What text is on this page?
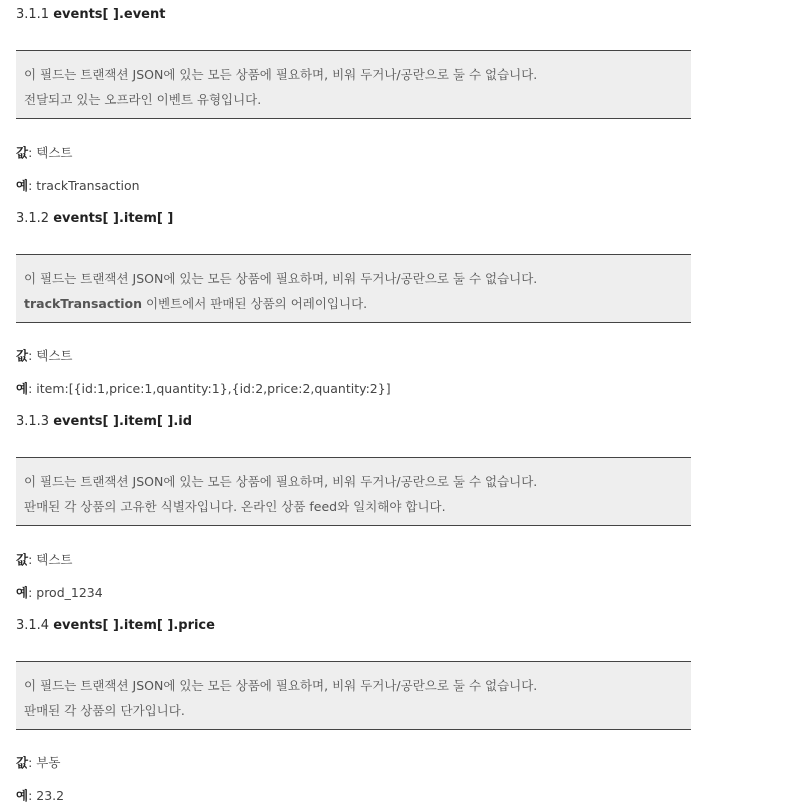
3.1.1 events[ ].event

이 필드는 트랜잭션 JSON에 있는 모든 상품에 필요하며, 비워 두거나/공란으로 둘 수 없습니다.

전달되고 있는 오프라인 이벤트 유형입니다.

값: 텍스트
예: trackTransaction
3.1.2 events[ ].item[ ]

이 필드는 트랜잭션 JSON에 있는 모든 상품에 필요하며, 비워 두거나/공란으로 둘 수 없습니다.

trackTransaction 이벤트에서 판매된 상품의 어레이입니다.

값: 텍스트
예: item:[{id:1,price:1,quantity:1},{id:2,price:2,quantity:2}]
3.1.3 events[ ].item[ ].id

이 필드는 트랜잭션 JSON에 있는 모든 상품에 필요하며, 비워 두거나/공란으로 둘 수 없습니다.

판매된 각 상품의 고유한 식별자입니다. 온라인 상품 feed와 일치해야 합니다.

값: 텍스트
예: prod_1234
3.1.4 events[ ].item[ ].price

이 필드는 트랜잭션 JSON에 있는 모든 상품에 필요하며, 비워 두거나/공란으로 둘 수 없습니다.

판매된 각 상품의 단가입니다.

값: 부동
예: 23.2
